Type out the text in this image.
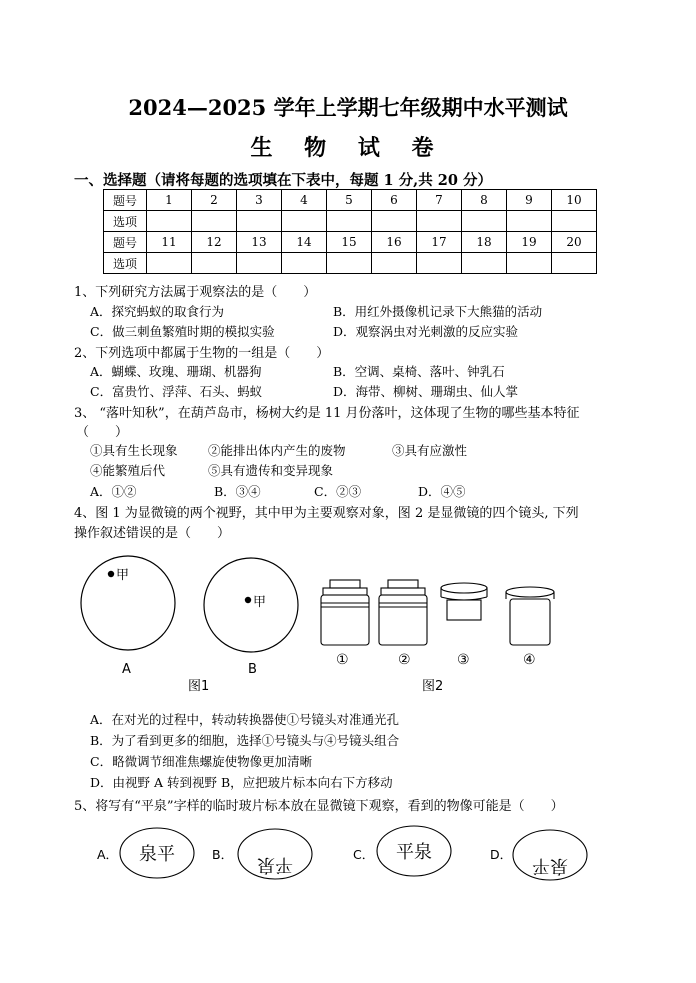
2024—2025 学年上学期七年级期中水平测试
生 物 试 卷
一、选择题（请将每题的选项填在下表中，每题 1 分,共 20 分）
题号	1	2	3	4	5	6	7	8	9	10
选项										
题号	11	12	13	14	15	16	17	18	19	20
选项										
1、下列研究方法属于观察法的是（　　）
A．探究蚂蚁的取食行为	B．用红外摄像机记录下大熊猫的活动
C．做三刺鱼繁殖时期的模拟实验	D．观察涡虫对光刺激的反应实验
2、下列选项中都属于生物的一组是（　　）
A．蝴蝶、玫瑰、珊瑚、机器狗	B．空调、桌椅、落叶、钟乳石
C．富贵竹、浮萍、石头、蚂蚁	D．海带、柳树、珊瑚虫、仙人掌
3、 “落叶知秋”，在葫芦岛市，杨树大约是 11 月份落叶，这体现了生物的哪些基本特征
（　　）
①具有生长现象 ②能排出体内产生的废物	③具有应激性
④能繁殖后代	⑤具有遗传和变异现象
A．①②	B．③④	C．②③	D．④⑤
4、图 1 为显微镜的两个视野，其中甲为主要观察对象，图 2 是显微镜的四个镜头, 下列
操作叙述错误的是（　　）
甲
A
甲
B
图1
①	②	③	④
图2
A．在对光的过程中，转动转换器使①号镜头对准通光孔
B．为了看到更多的细胞，选择①号镜头与④号镜头组合
C．略微调节细准焦螺旋使物像更加清晰
D．由视野 A 转到视野 B，应把玻片标本向右下方移动
5、将写有“平泉”字样的临时玻片标本放在显微镜下观察，看到的物像可能是（　　）
A． 泉平	B． 平泉	C． 平泉	D．
泉平
